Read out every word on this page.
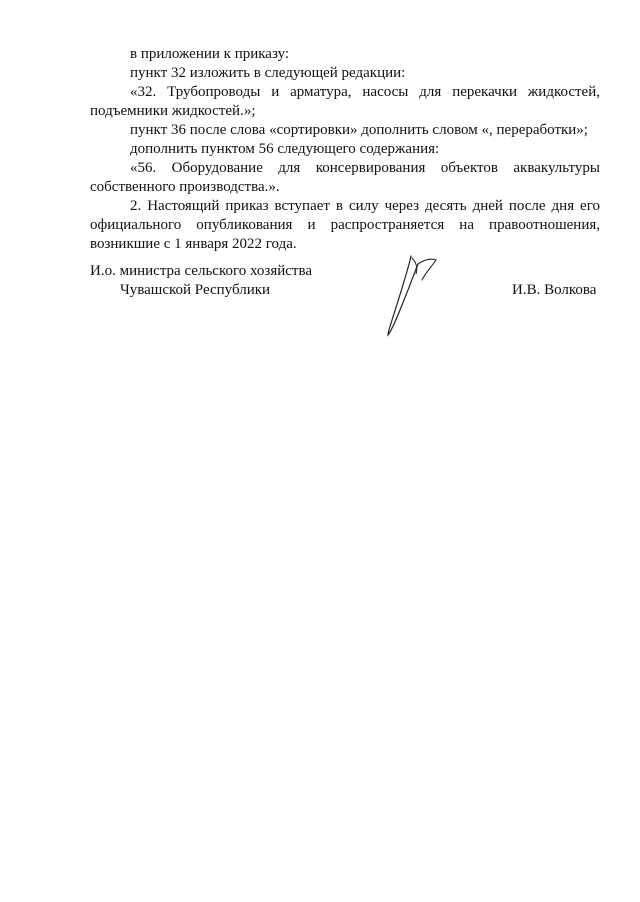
в приложении к приказу:

пункт 32 изложить в следующей редакции:

«32. Трубопроводы и арматура, насосы для перекачки жидкостей, подъемники жидкостей.»;

пункт 36 после слова «сортировки» дополнить словом «, переработки»;

дополнить пунктом 56 следующего содержания:

«56. Оборудование для консервирования объектов аквакультуры собственного производства.».

2. Настоящий приказ вступает в силу через десять дней после дня его официального опубликования и распространяется на правоотношения, возникшие с 1 января 2022 года.

И.о. министра сельского хозяйства
Чувашской Республики	И.В. Волкова
